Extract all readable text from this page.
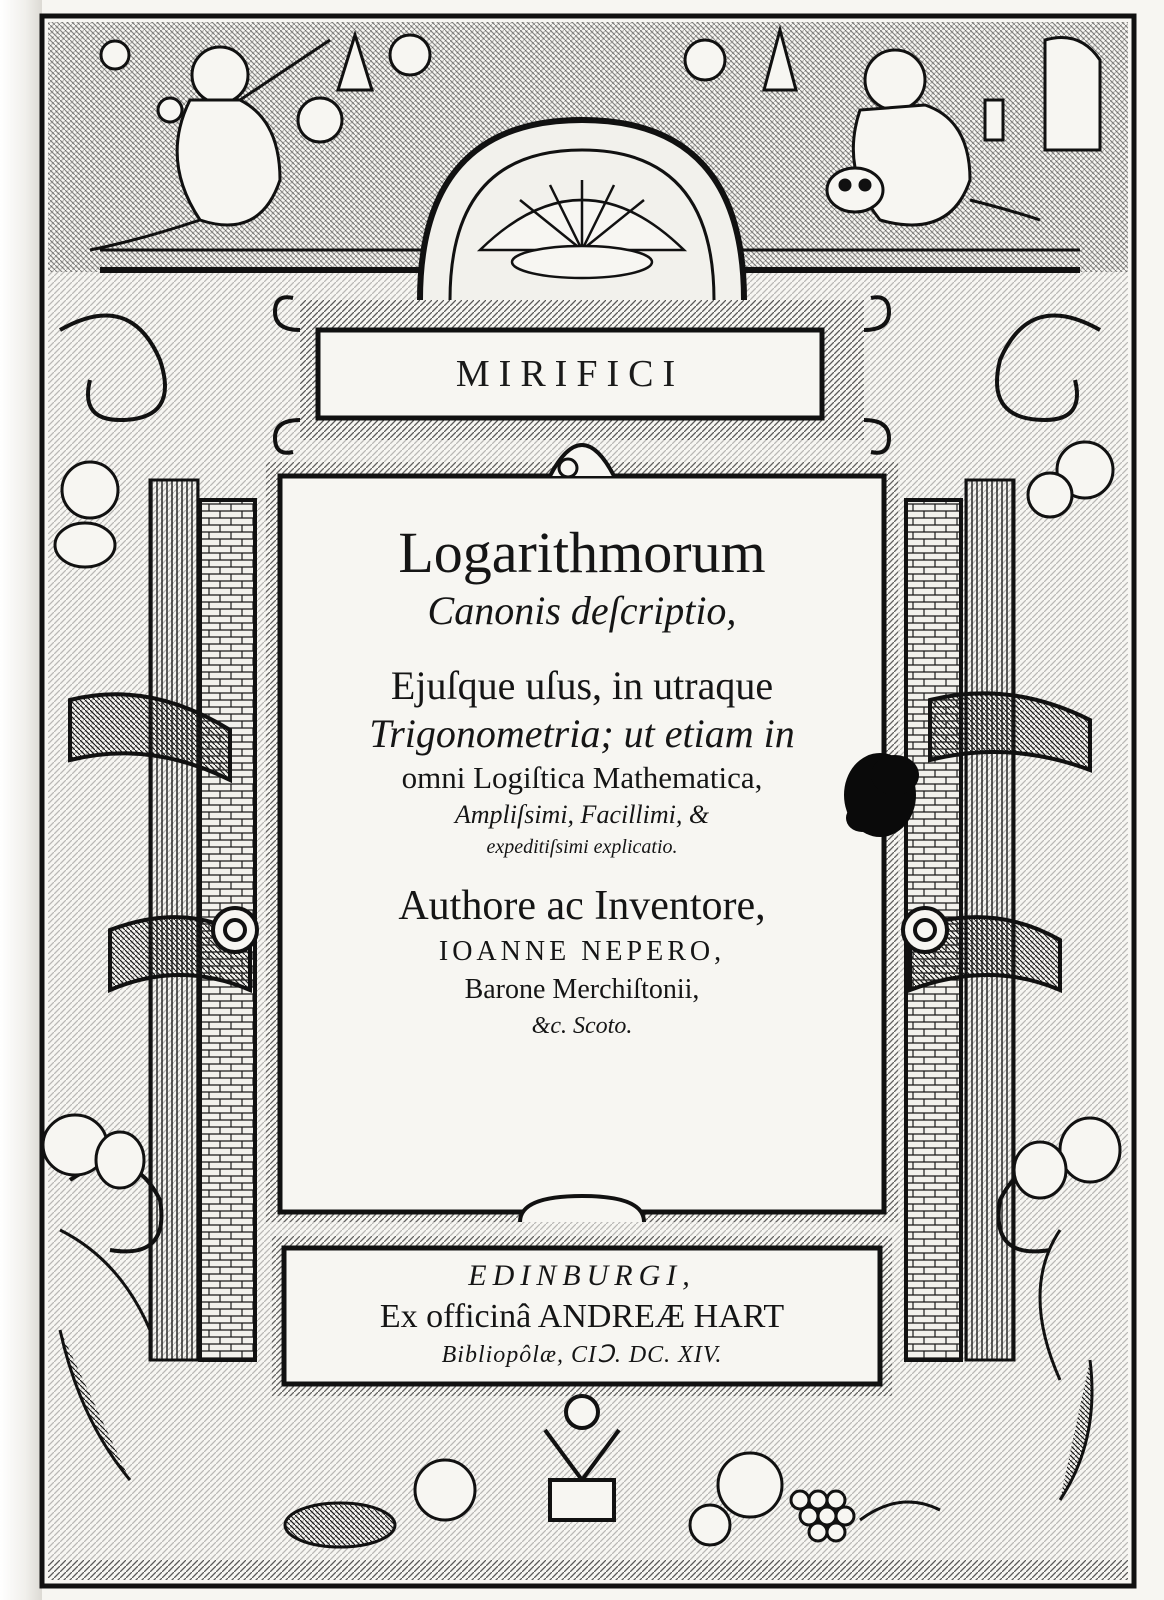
MIRIFICI
Logarithmorum
Canonis deſcriptio,
Ejuſque uſus, in utraque
Trigonometria; ut etiam in
omni Logiſtica Mathematica,
Ampliſsimi, Facillimi, &
expeditiſsimi explicatio.
Authore ac Inventore,
IOANNE NEPERO,
Barone Merchiſtonii,
&c. Scoto.
EDINBURGI,
Ex officinâ ANDREÆ HART
Bibliopôlæ, CIↃ. DC. XIV.
